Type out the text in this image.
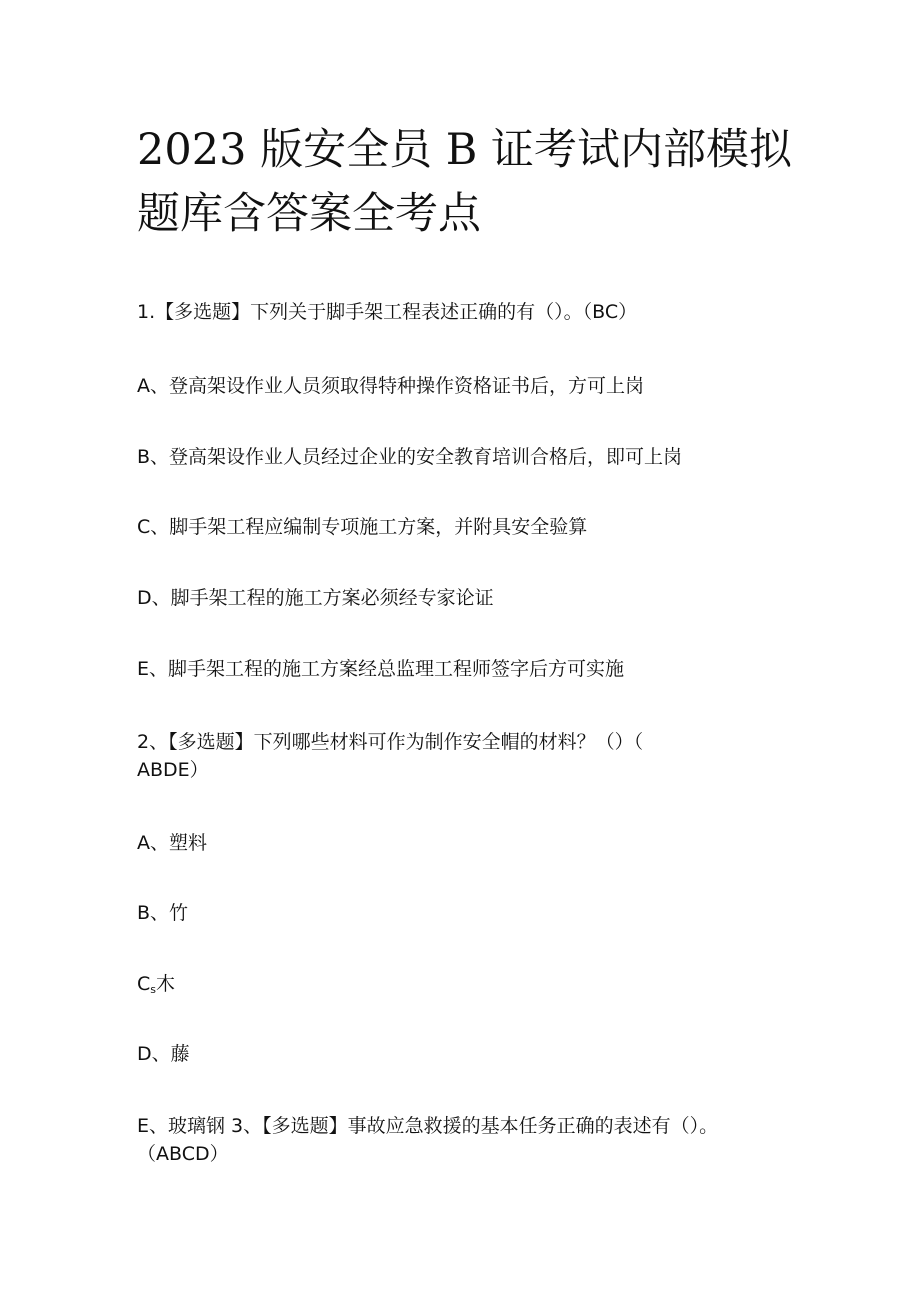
2023 版安全员 B 证考试内部模拟
题库含答案全考点
1.【多选题】下列关于脚手架工程表述正确的有（）。（BC）
A、登高架设作业人员须取得特种操作资格证书后，方可上岗
B、登高架设作业人员经过企业的安全教育培训合格后，即可上岗
C、脚手架工程应编制专项施工方案，并附具安全验算
D、脚手架工程的施工方案必须经专家论证
E、脚手架工程的施工方案经总监理工程师签字后方可实施
2、【多选题】下列哪些材料可作为制作安全帽的材料？（）（
ABDE）
A、塑料
B、竹
$C_s$木
D、藤
E、玻璃钢 3、【多选题】事故应急救援的基本任务正确的表述有（）。
（ABCD）
